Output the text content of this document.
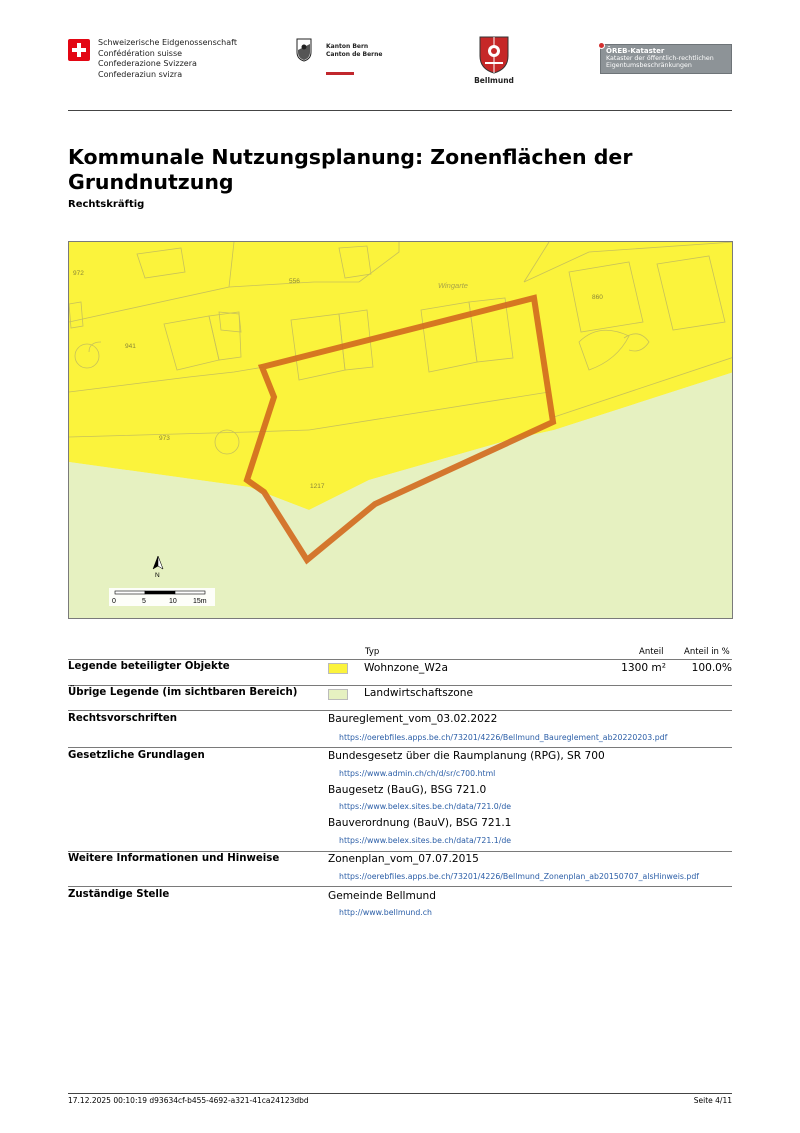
Schweizerische Eidgenossenschaft
Confédération suisse
Confederazione Svizzera
Confederaziun svizra
Kanton Bern
Canton de Berne
Bellmund
ÖREB-Kataster
Kataster der öffentlich-rechtlichen
Eigentumsbeschränkungen
Kommunale Nutzungsplanung: Zonenflächen der Grundnutzung
Rechtskräftig
972
556
860
941
973
1217
Wingarte
N
0	5	10 15m
Typ	Anteil Anteil in %
Legende beteiligter Objekte	Wohnzone_W2a	1300 m² 100.0%
Übrige Legende (im sichtbaren Bereich)	Landwirtschaftszone
Rechtsvorschriften	Baureglement_vom_03.02.2022
https://oerebfiles.apps.be.ch/73201/4226/Bellmund_Baureglement_ab20220203.pdf
Gesetzliche Grundlagen	Bundesgesetz über die Raumplanung (RPG), SR 700
https://www.admin.ch/ch/d/sr/c700.html
Baugesetz (BauG), BSG 721.0
https://www.belex.sites.be.ch/data/721.0/de
Bauverordnung (BauV), BSG 721.1
https://www.belex.sites.be.ch/data/721.1/de
Weitere Informationen und Hinweise	Zonenplan_vom_07.07.2015
https://oerebfiles.apps.be.ch/73201/4226/Bellmund_Zonenplan_ab20150707_alsHinweis.pdf
Zuständige Stelle	Gemeinde Bellmund
http://www.bellmund.ch
17.12.2025 00:10:19 d93634cf-b455-4692-a321-41ca24123dbd	Seite 4/11
